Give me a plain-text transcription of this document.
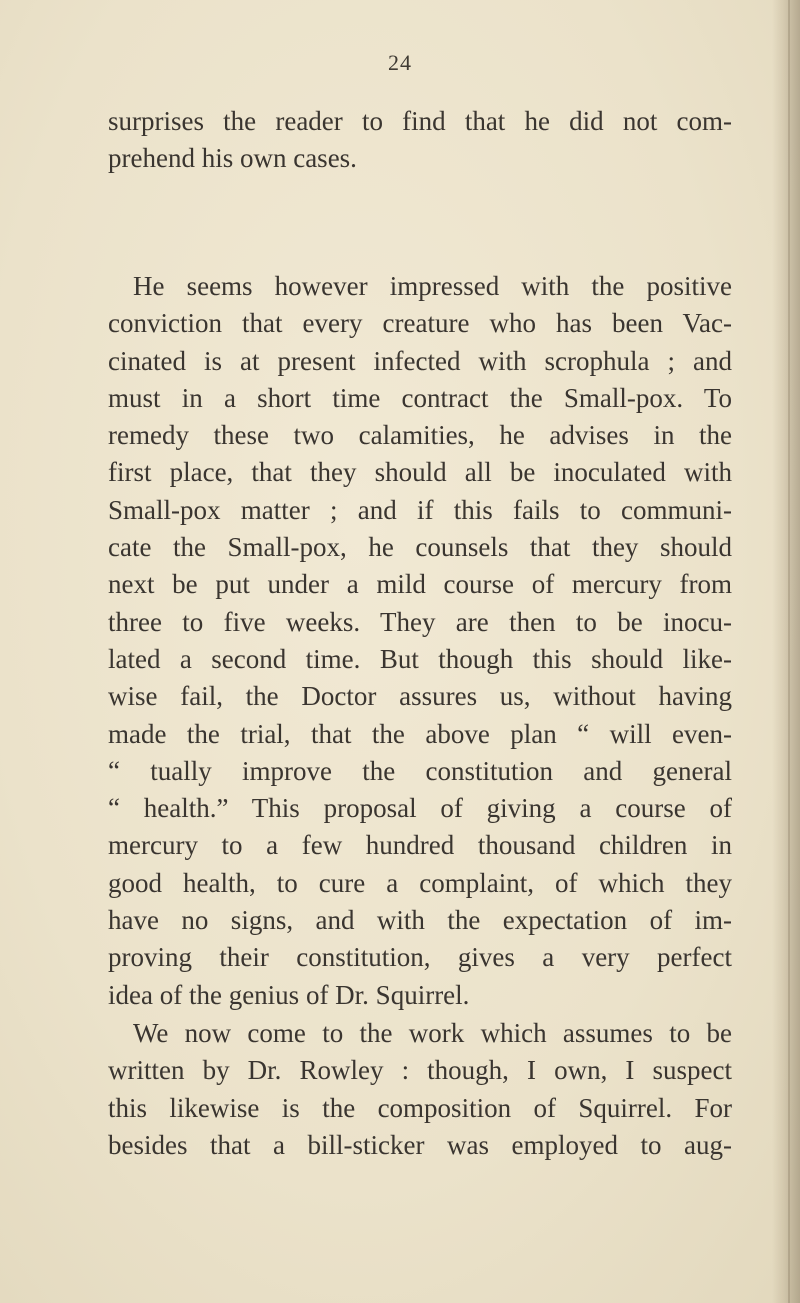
24
surprises the reader to find that he did not com-
prehend his own cases.
He seems however impressed with the positive
conviction that every creature who has been Vac-
cinated is at present infected with scrophula ; and
must in a short time contract the Small-pox. To
remedy these two calamities, he advises in the
first place, that they should all be inoculated with
Small-pox matter ; and if this fails to communi-
cate the Small-pox, he counsels that they should
next be put under a mild course of mercury from
three to five weeks. They are then to be inocu-
lated a second time. But though this should like-
wise fail, the Doctor assures us, without having
made the trial, that the above plan “ will even-
“ tually improve the constitution and general
“ health.” This proposal of giving a course of
mercury to a few hundred thousand children in
good health, to cure a complaint, of which they
have no signs, and with the expectation of im-
proving their constitution, gives a very perfect
idea of the genius of Dr. Squirrel.
We now come to the work which assumes to be
written by Dr. Rowley : though, I own, I suspect
this likewise is the composition of Squirrel. For
besides that a bill-sticker was employed to aug-
